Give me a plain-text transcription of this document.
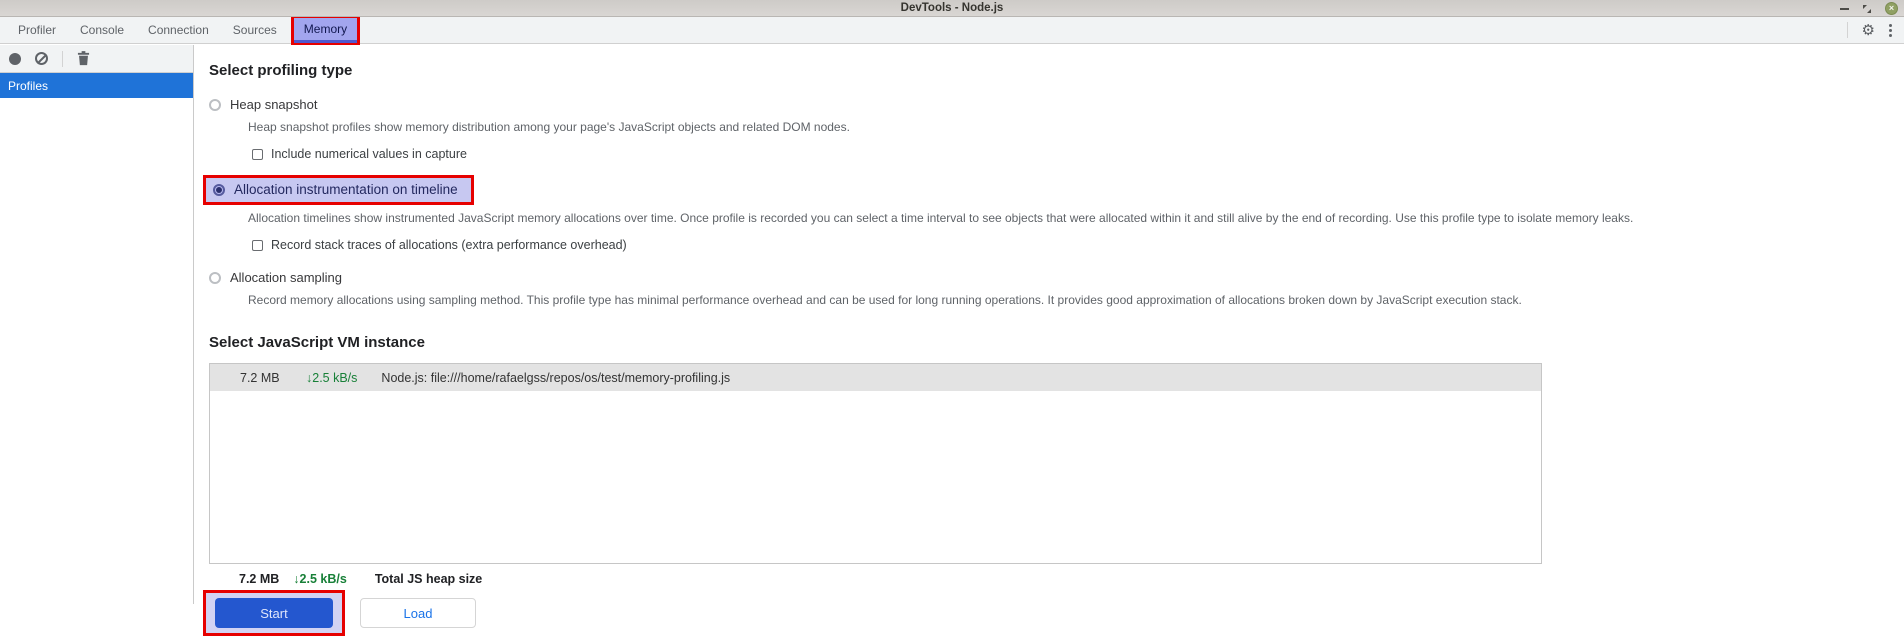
DevTools - Node.js	×
Profiler	Console	Connection	Sources	Memory	⚙
Profiles
Select profiling type
Heap snapshot
Heap snapshot profiles show memory distribution among your page's JavaScript objects and related DOM nodes.
Include numerical values in capture
Allocation instrumentation on timeline
Allocation timelines show instrumented JavaScript memory allocations over time. Once profile is recorded you can select a time interval to see objects that were allocated within it and still alive by the end of recording. Use this profile type to isolate memory leaks.
Record stack traces of allocations (extra performance overhead)
Allocation sampling
Record memory allocations using sampling method. This profile type has minimal performance overhead and can be used for long running operations. It provides good approximation of allocations broken down by JavaScript execution stack.
Select JavaScript VM instance
7.2 MB	↓2.5 kB/s Node.js: file:///home/rafaelgss/repos/os/test/memory-profiling.js
7.2 MB ↓2.5 kB/s Total JS heap size
Start	Load
